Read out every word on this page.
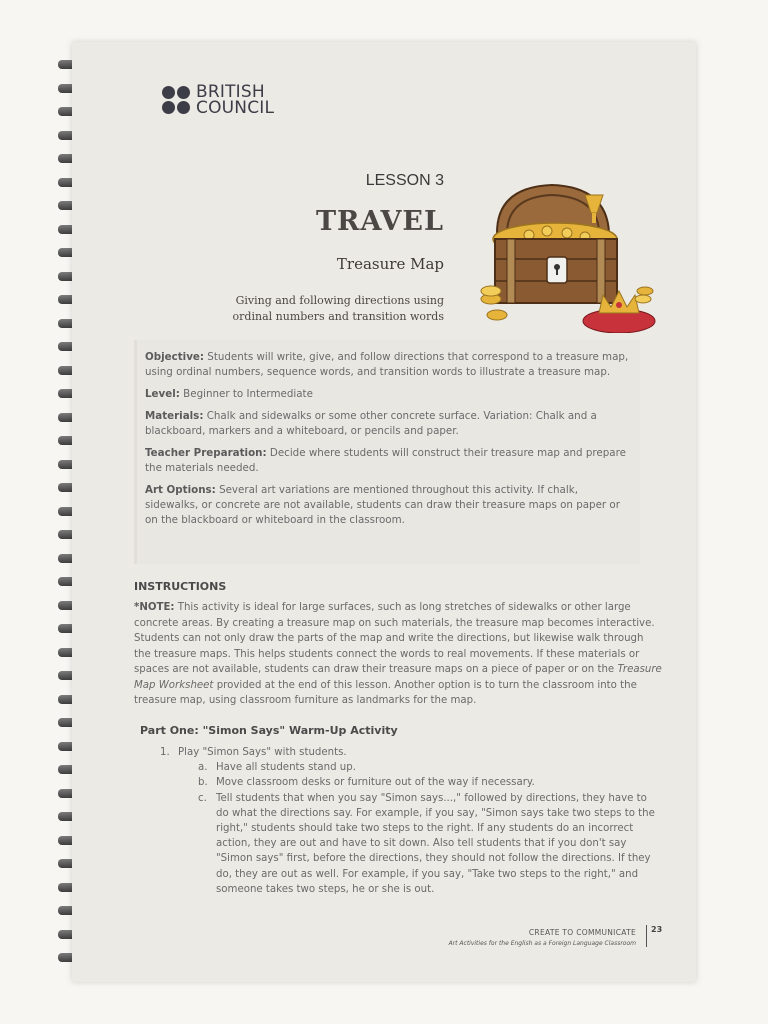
BRITISH
COUNCIL
LESSON 3
TRAVEL
Treasure Map
Giving and following directions using ordinal numbers and transition words

Objective: Students will write, give, and follow directions that correspond to a treasure map, using ordinal numbers, sequence words, and transition words to illustrate a treasure map.

Level: Beginner to Intermediate

Materials: Chalk and sidewalks or some other concrete surface. Variation: Chalk and a blackboard, markers and a whiteboard, or pencils and paper.

Teacher Preparation: Decide where students will construct their treasure map and prepare the materials needed.

Art Options: Several art variations are mentioned throughout this activity. If chalk, sidewalks, or concrete are not available, students can draw their treasure maps on paper or on the blackboard or whiteboard in the classroom.

INSTRUCTIONS
*NOTE: This activity is ideal for large surfaces, such as long stretches of sidewalks or other large concrete areas. By creating a treasure map on such materials, the treasure map becomes interactive. Students can not only draw the parts of the map and write the directions, but likewise walk through the treasure maps. This helps students connect the words to real movements. If these materials or spaces are not available, students can draw their treasure maps on a piece of paper or on the Treasure Map Worksheet provided at the end of this lesson. Another option is to turn the classroom into the treasure map, using classroom furniture as landmarks for the map.
Part One: "Simon Says" Warm-Up Activity
1. Play "Simon Says" with students.
a. Have all students stand up.
b. Move classroom desks or furniture out of the way if necessary.
c. Tell students that when you say "Simon says...," followed by directions, they have to do what the directions say. For example, if you say, "Simon says take two steps to the right," students should take two steps to the right. If any students do an incorrect action, they are out and have to sit down. Also tell students that if you don't say "Simon says" first, before the directions, they should not follow the directions. If they do, they are out as well. For example, if you say, "Take two steps to the right," and someone takes two steps, he or she is out.
CREATE TO COMMUNICATE
Art Activities for the English as a Foreign Language Classroom
23
